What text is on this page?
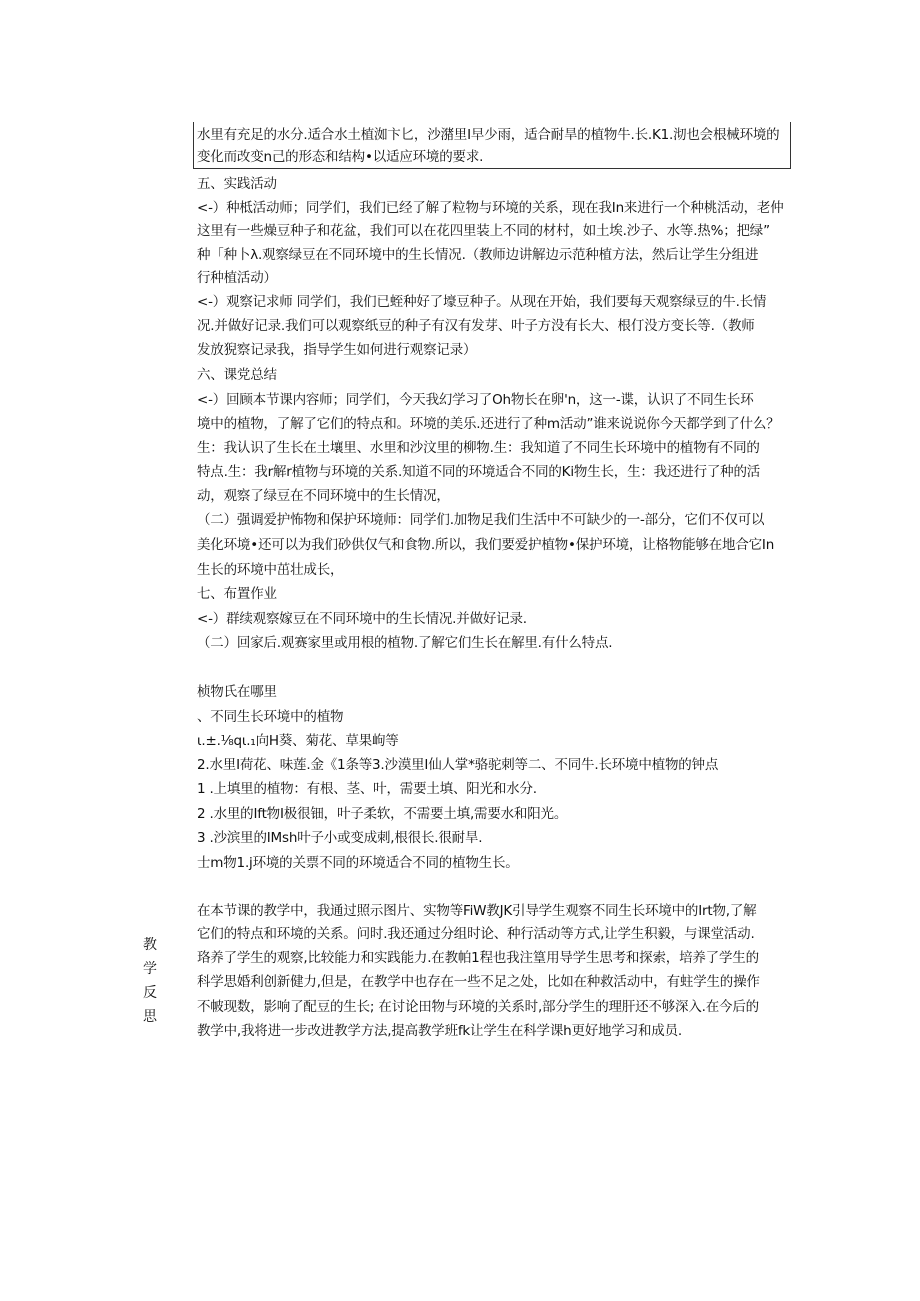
水里有充足的水分.适合水土植洳卞匕，沙潴里I早少雨，适合耐旱的植物牛.长.K1.沏也会根械环境的
变化而改变n己的形态和结构•以适应环境的要求.
五、实践活动
<-）种柢活动师；同学们，我们已经了解了粒物与环境的关系，现在我In来进行一个种桃活动，老仲
这里有一些燥豆种子和花盆，我们可以在花四里装上不同的材村，如土埃.沙子、水等.热%；把绿”
种「种卜λ.观察绿豆在不同环境中的生长情况.（教师边讲解边示范种植方法，然后让学生分组进
行种植活动）
<-）观察记求师 同学们，我们已蛭种好了壕豆种子。从现在开始，我们要每天观察绿豆的牛.长情
况.并做好记录.我们可以观察纸豆的种子有汉有发芽、叶子方没有长大、根仃没方变长等.（教师
发放猊察记录我，指导学生如何进行观察记录）
六、课党总结
<-）回顾本节课内容师；同学们，今天我幻学习了Oh物长在卵'n，这一-谍，认识了不同生长环
境中的植物，了解了它们的特点和。环境的美乐.还进行了种m活动”谁来说说你今天都学到了什么？
生：我认识了生长在土壤里、水里和沙汶里的柳物.生：我知道了不同生长环境中的植物有不同的
特点.生：我r解r植物与环境的关系.知道不同的环境适合不同的Ki物生长，生：我还进行了种的活
动，观察了绿豆在不同环境中的生长情况，
（二）强调爱护怖物和保护环境师：同学们.加物足我们生活中不可缺少的一-部分，它们不仅可以
美化环境•还可以为我们砂供仅气和食物.所以，我们要爱护植物•保护环境，让格物能够在地合它In
生长的环境中茁壮成长，
七、布置作业
<-）群续观察嫁豆在不同环境中的生长情况.并做好记录.
（二）回家后.观赛家里或用根的植物.了解它们生长在解里.有什么特点.
桢物氏在哪里
、不同生长环境中的植物
ι.±.⅛qι.₁向H葵、菊花、草果岣等
2.水里I荷花、味莲.金《1条等3.沙漠里I仙人掌*骆驼刺等二、不同牛.长环境中植物的钟点
1 .上填里的植物：有根、茎、叶，需要土填、阳光和水分.
2 .水里的Ift物I极很钿，叶子柔软，不需要土填,需要水和阳光。
3 .沙滨里的IMsh叶子小或变成刺,根很长.很耐旱.
士m物1.j环境的关票不同的环境适合不同的植物生长。
教
学
反
思
在本节课的教学中，我通过照示图片、实物等FiW教JK引导学生观察不同生长环境中的Irt物,了解
它们的特点和环境的关系。问时.我还通过分组时论、种行活动等方式,让学生积毅，与课堂活动.
珞养了学生的观察,比较能力和实践能力.在教帕1程也我注篁用导学生思考和探索，培养了学生的
科学思婚利创新健力,但是，在教学中也存在一些不足之处，比如在种救活动中，有蛀学生的操作
不帔现数，影响了配豆的生长; 在讨论田物与环境的关系时,部分学生的理肝还不够深入.在今后的
教学中,我将进一步改进教学方法,提高教学班fk让学生在科学课h更好地学习和成员.
